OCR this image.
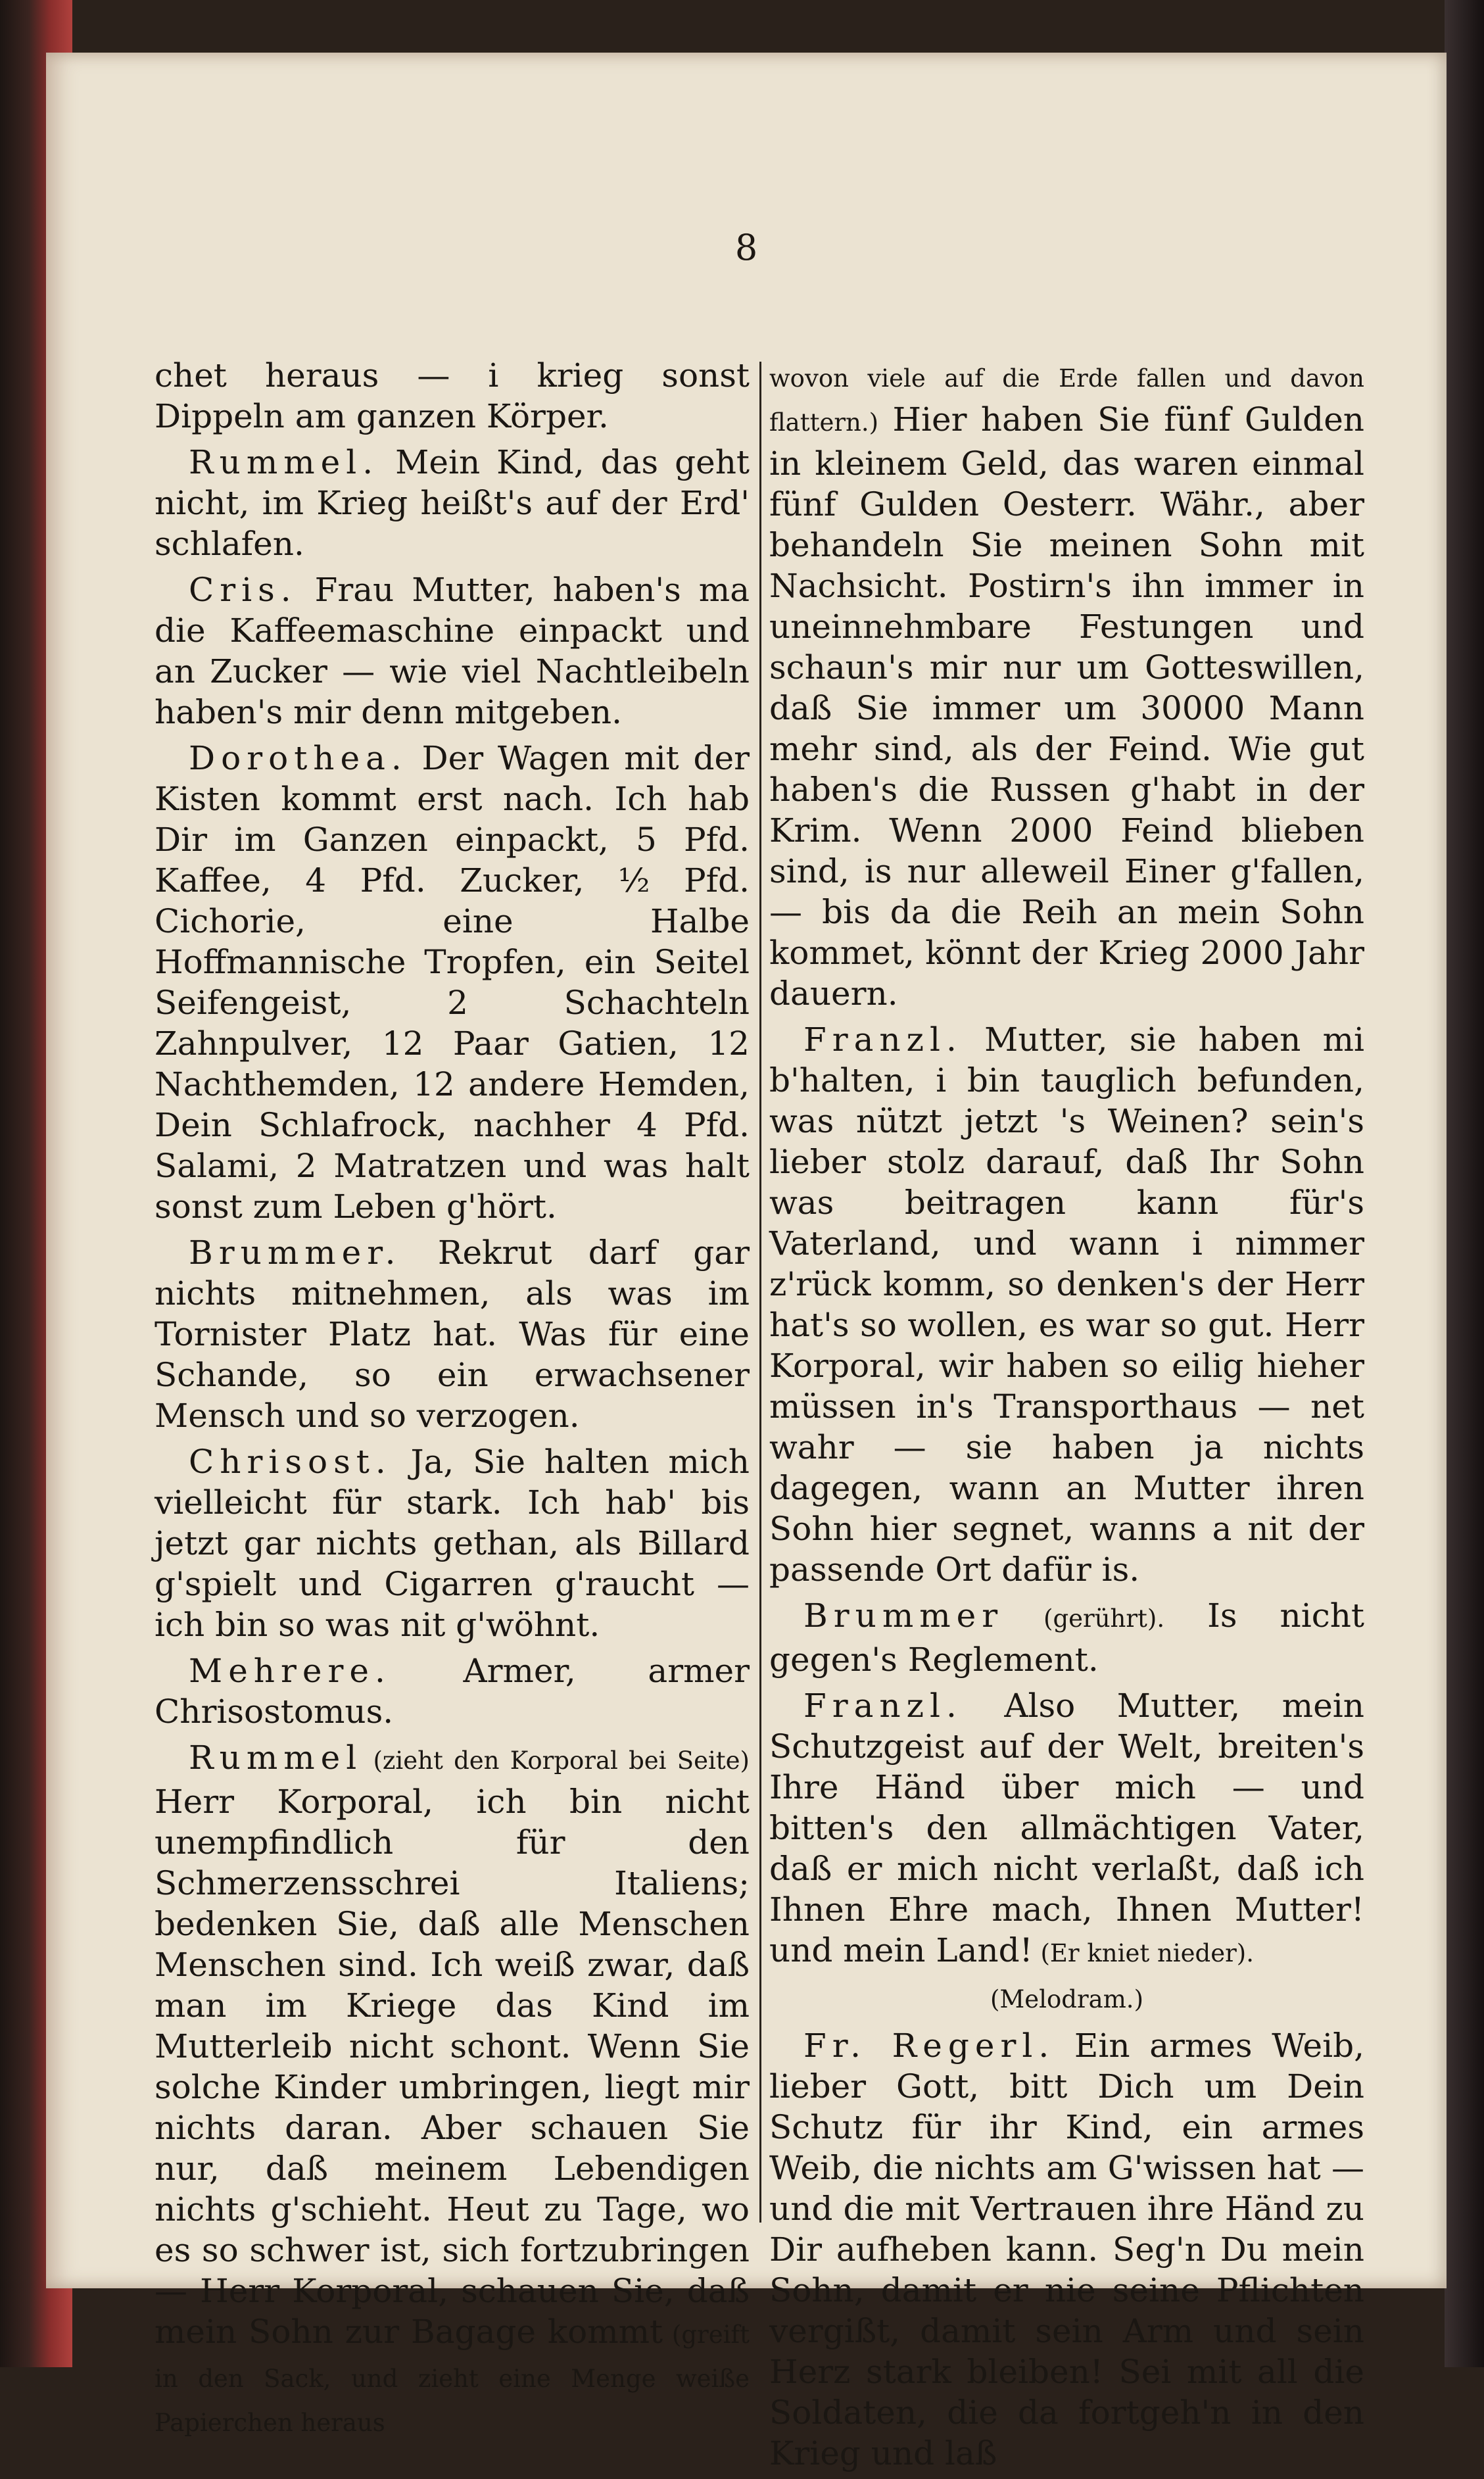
8

chet heraus — i krieg sonst Dippeln am ganzen Körper.

Rummel. Mein Kind, das geht nicht, im Krieg heißt's auf der Erd' schlafen.

Cris. Frau Mutter, haben's ma die Kaffeemaschine einpackt und an Zucker — wie viel Nachtleibeln haben's mir denn mitgeben.

Dorothea. Der Wagen mit der Kisten kommt erst nach. Ich hab Dir im Ganzen einpackt, 5 Pfd. Kaffee, 4 Pfd. Zucker, ½ Pfd. Cichorie, eine Halbe Hoffmannische Tropfen, ein Seitel Seifengeist, 2 Schachteln Zahnpulver, 12 Paar Gatien, 12 Nachthemden, 12 andere Hemden, Dein Schlafrock, nachher 4 Pfd. Salami, 2 Matratzen und was halt sonst zum Leben g'hört.

Brummer. Rekrut darf gar nichts mitnehmen, als was im Tornister Platz hat. Was für eine Schande, so ein erwachsener Mensch und so verzogen.

Chrisost. Ja, Sie halten mich vielleicht für stark. Ich hab' bis jetzt gar nichts gethan, als Billard g'spielt und Cigarren g'raucht — ich bin so was nit g'wöhnt.

Mehrere. Armer, armer Chrisostomus.

Rummel (zieht den Korporal bei Seite) Herr Korporal, ich bin nicht unempfindlich für den Schmerzensschrei Italiens; bedenken Sie, daß alle Menschen Menschen sind. Ich weiß zwar, daß man im Kriege das Kind im Mutterleib nicht schont. Wenn Sie solche Kinder umbringen, liegt mir nichts daran. Aber schauen Sie nur, daß meinem Lebendigen nichts g'schieht. Heut zu Tage, wo es so schwer ist, sich fortzubringen — Herr Korporal, schauen Sie, daß mein Sohn zur Bagage kommt (greift in den Sack, und zieht eine Menge weiße Papierchen heraus

wovon viele auf die Erde fallen und davon flattern.) Hier haben Sie fünf Gulden in kleinem Geld, das waren einmal fünf Gulden Oesterr. Währ., aber behandeln Sie meinen Sohn mit Nachsicht. Postirn's ihn immer in uneinnehmbare Festungen und schaun's mir nur um Gotteswillen, daß Sie immer um 30000 Mann mehr sind, als der Feind. Wie gut haben's die Russen g'habt in der Krim. Wenn 2000 Feind blieben sind, is nur alleweil Einer g'fallen, — bis da die Reih an mein Sohn kommet, könnt der Krieg 2000 Jahr dauern.

Franzl. Mutter, sie haben mi b'halten, i bin tauglich befunden, was nützt jetzt 's Weinen? sein's lieber stolz darauf, daß Ihr Sohn was beitragen kann für's Vaterland, und wann i nimmer z'rück komm, so denken's der Herr hat's so wollen, es war so gut. Herr Korporal, wir haben so eilig hieher müssen in's Transporthaus — net wahr — sie haben ja nichts dagegen, wann an Mutter ihren Sohn hier segnet, wanns a nit der passende Ort dafür is.

Brummer (gerührt). Is nicht gegen's Reglement.

Franzl. Also Mutter, mein Schutzgeist auf der Welt, breiten's Ihre Händ über mich — und bitten's den allmächtigen Vater, daß er mich nicht verlaßt, daß ich Ihnen Ehre mach, Ihnen Mutter! und mein Land! (Er kniet nieder).

(Melodram.)

Fr. Regerl. Ein armes Weib, lieber Gott, bitt Dich um Dein Schutz für ihr Kind, ein armes Weib, die nichts am G'wissen hat — und die mit Vertrauen ihre Händ zu Dir aufheben kann. Seg'n Du mein Sohn, damit er nie seine Pflichten vergißt, damit sein Arm und sein Herz stark bleiben! Sei mit all die Soldaten, die da fortgeh'n in den Krieg und laß
